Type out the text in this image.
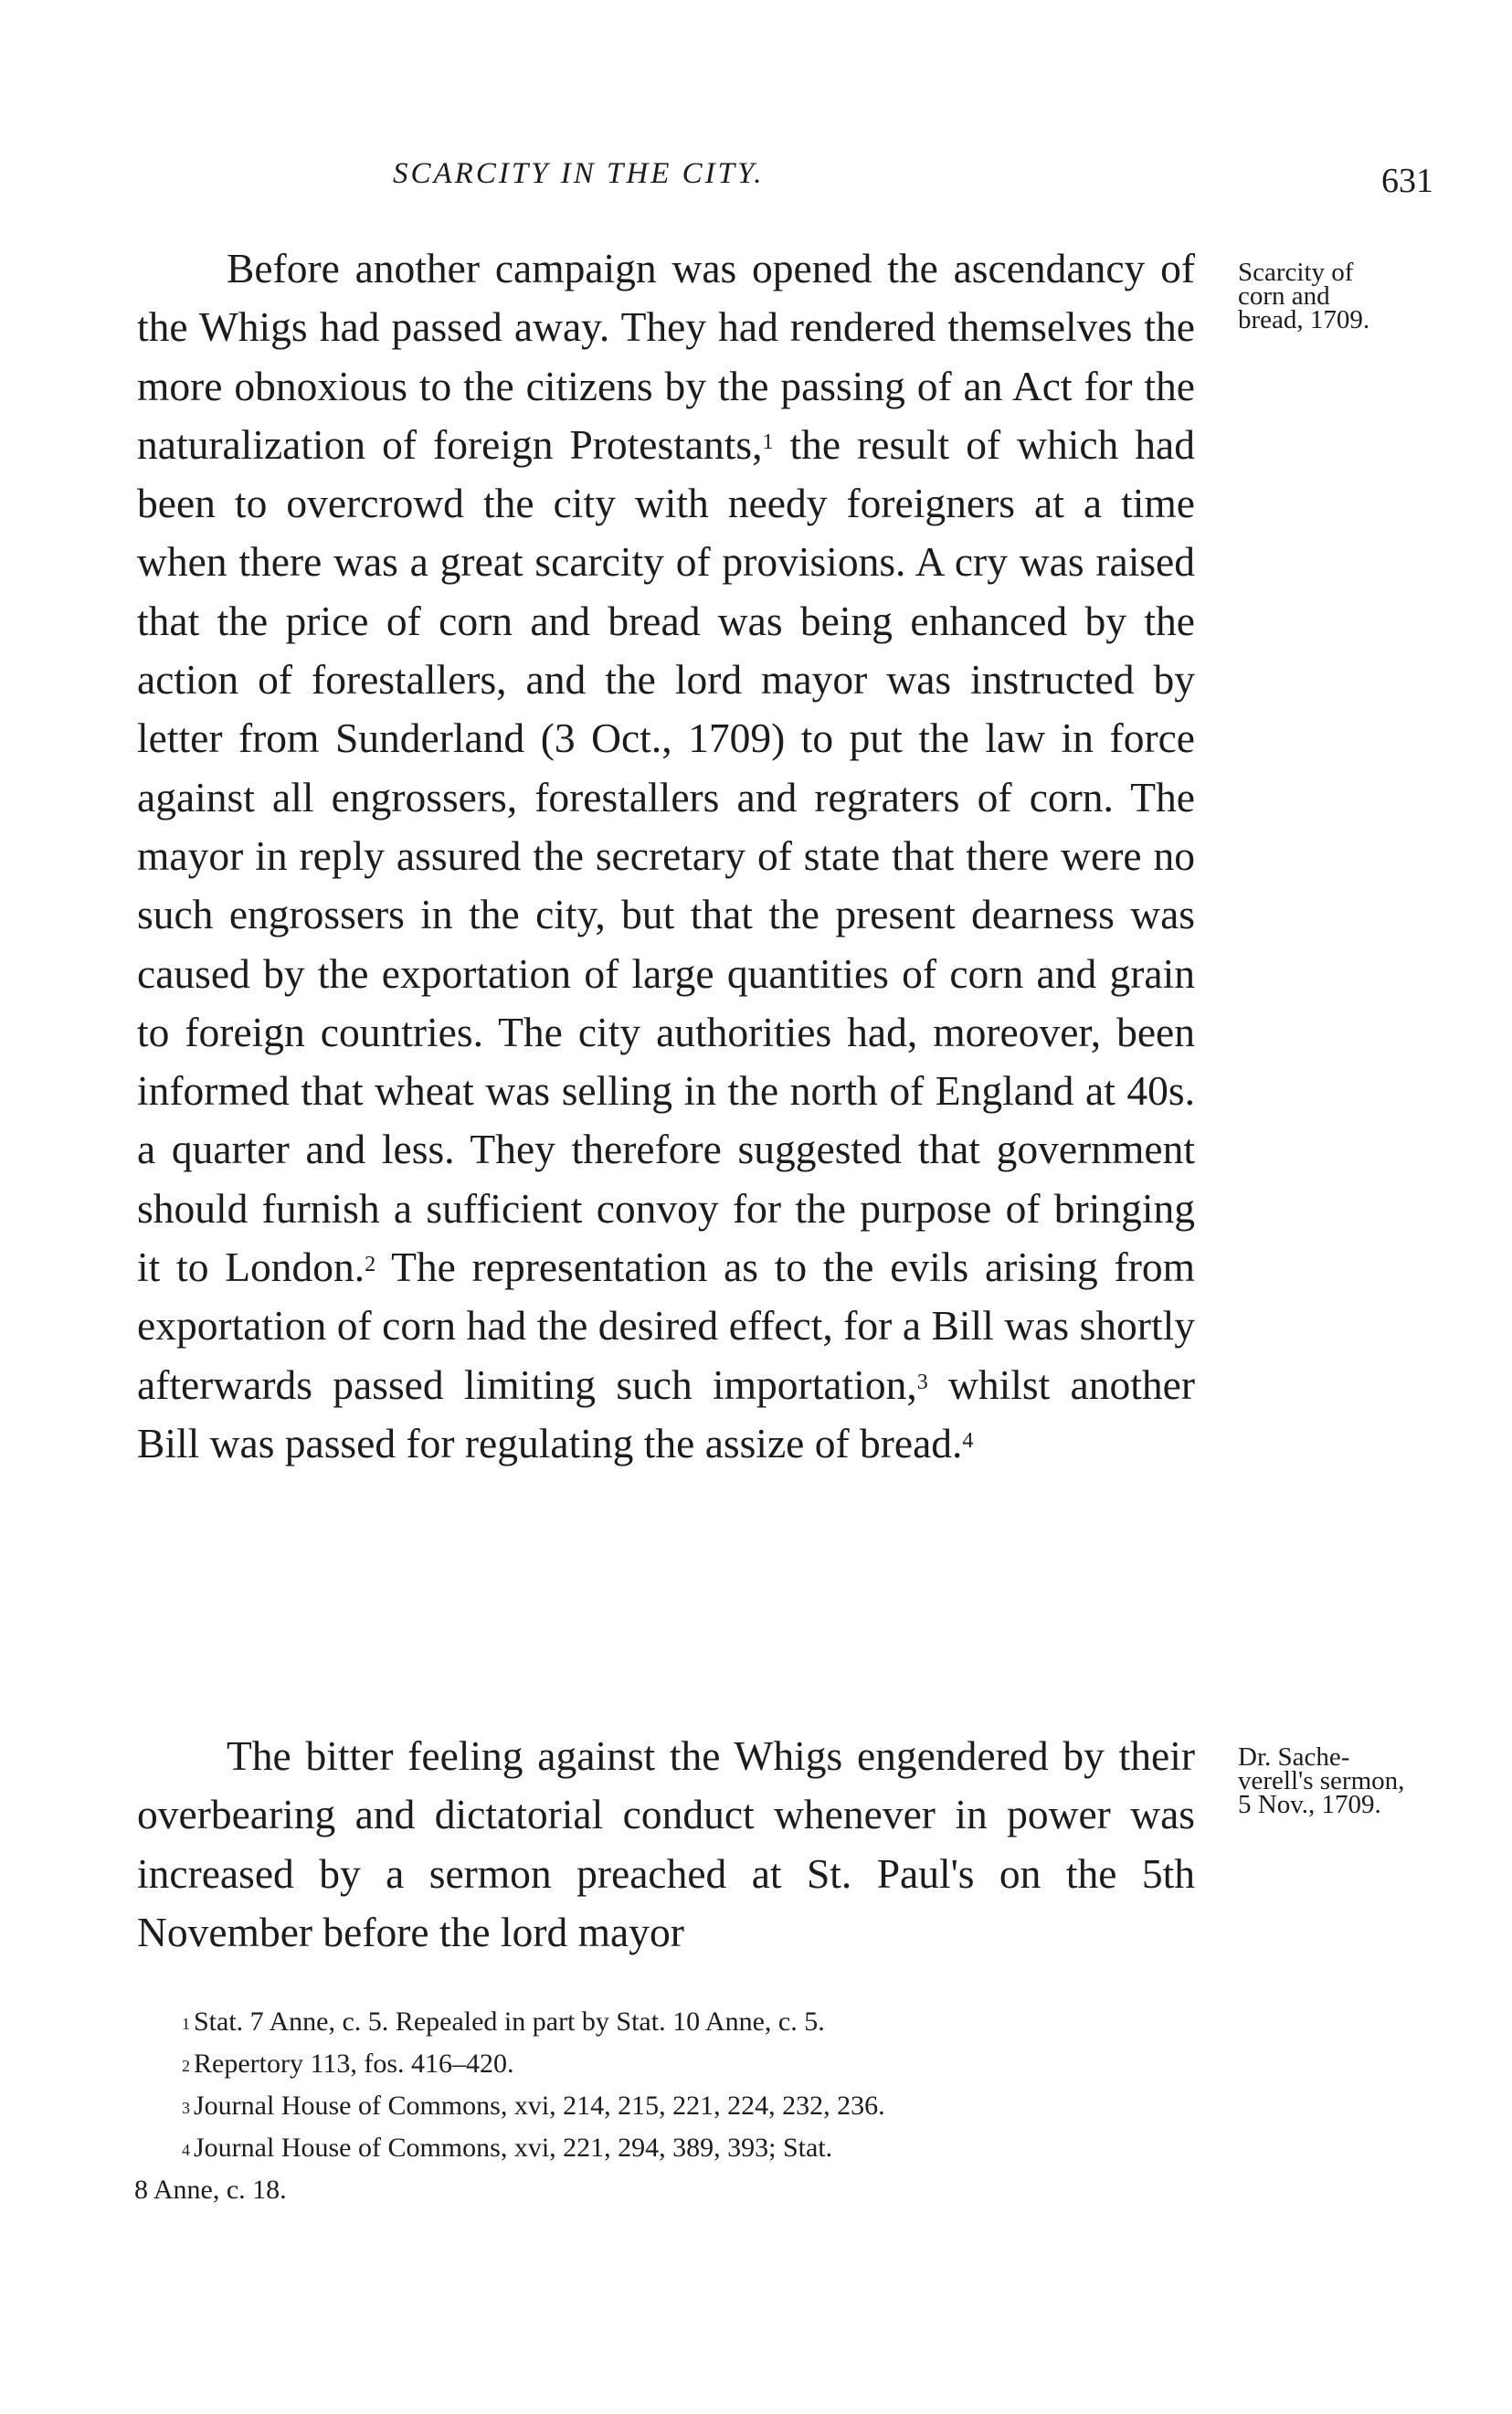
SCARCITY IN THE CITY.	631

Before another campaign was opened the ascendancy of the Whigs had passed away. They had rendered themselves the more obnoxious to the citizens by the passing of an Act for the naturalization of foreign Protestants,$^1$ the result of which had been to overcrowd the city with needy foreigners at a time when there was a great scarcity of provisions. A cry was raised that the price of corn and bread was being enhanced by the action of forestallers, and the lord mayor was instructed by letter from Sunderland (3 Oct., 1709) to put the law in force against all engrossers, forestallers and regraters of corn. The mayor in reply assured the secretary of state that there were no such engrossers in the city, but that the present dearness was caused by the exportation of large quantities of corn and grain to foreign countries. The city authorities had, moreover, been informed that wheat was selling in the north of England at 40s. a quarter and less. They therefore suggested that government should furnish a sufficient convoy for the purpose of bringing it to London.$^2$ The representation as to the evils arising from exportation of corn had the desired effect, for a Bill was shortly afterwards passed limiting such importation,$^3$ whilst another Bill was passed for regulating the assize of bread.$^4$

The bitter feeling against the Whigs engendered by their overbearing and dictatorial conduct whenever in power was increased by a sermon preached at St. Paul's on the 5th November before the lord mayor

Scarcity of
corn and
bread, 1709.
Dr. Sache-
verell's sermon,
5 Nov., 1709.

$^1$ Stat. 7 Anne, c. 5. Repealed in part by Stat. 10 Anne, c. 5.

$^2$ Repertory 113, fos. 416–420.

$^3$ Journal House of Commons, xvi, 214, 215, 221, 224, 232, 236.

$^4$ Journal House of Commons, xvi, 221, 294, 389, 393; Stat.

8 Anne, c. 18.
